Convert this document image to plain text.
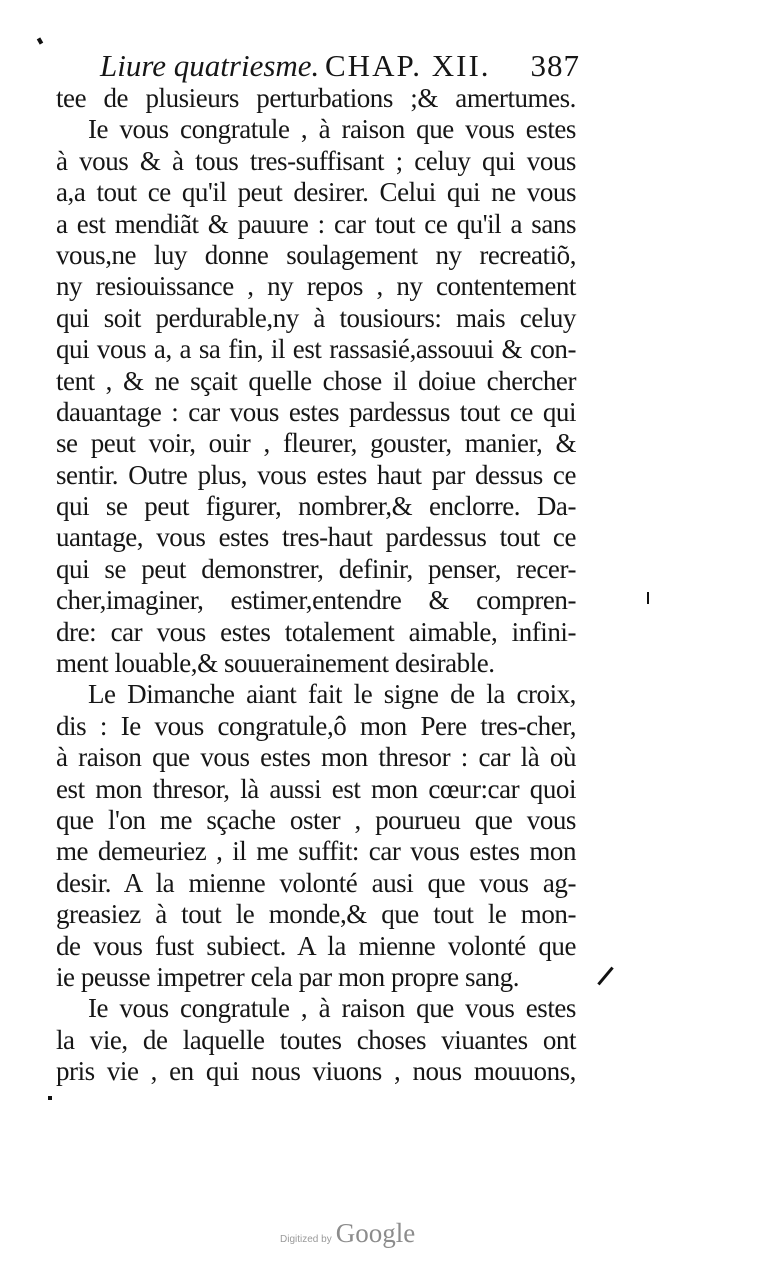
Liure quatriesme. CHAP. XII. 387
tee de plusieurs perturbations ;& amertumes.
Ie vous congratule , à raison que vous estes
à vous & à tous tres-suffisant ; celuy qui vous
a,a tout ce qu'il peut desirer. Celui qui ne vous
a est mendiãt & pauure : car tout ce qu'il a sans
vous,ne luy donne soulagement ny recreatiõ,
ny resiouissance , ny repos , ny contentement
qui soit perdurable,ny à tousiours: mais celuy
qui vous a, a sa fin, il est rassasié,assouui & con-
tent , & ne sçait quelle chose il doiue chercher
dauantage : car vous estes pardessus tout ce qui
se peut voir, ouir , fleurer, gouster, manier, &
sentir. Outre plus, vous estes haut par dessus ce
qui se peut figurer, nombrer,& enclorre. Da-
uantage, vous estes tres-haut pardessus tout ce
qui se peut demonstrer, definir, penser, recer-
cher,imaginer, estimer,entendre & compren-
dre: car vous estes totalement aimable, infini-
ment louable,& souuerainement desirable.
Le Dimanche aiant fait le signe de la croix,
dis : Ie vous congratule,ô mon Pere tres-cher,
à raison que vous estes mon thresor : car là où
est mon thresor, là aussi est mon cœur:car quoi
que l'on me sçache oster , pourueu que vous
me demeuriez , il me suffit: car vous estes mon
desir. A la mienne volonté ausi que vous ag-
greasiez à tout le monde,& que tout le mon-
de vous fust subiect. A la mienne volonté que
ie peusse impetrer cela par mon propre sang.
Ie vous congratule , à raison que vous estes
la vie, de laquelle toutes choses viuantes ont
pris vie , en qui nous viuons , nous mouuons,
Digitized by Google
